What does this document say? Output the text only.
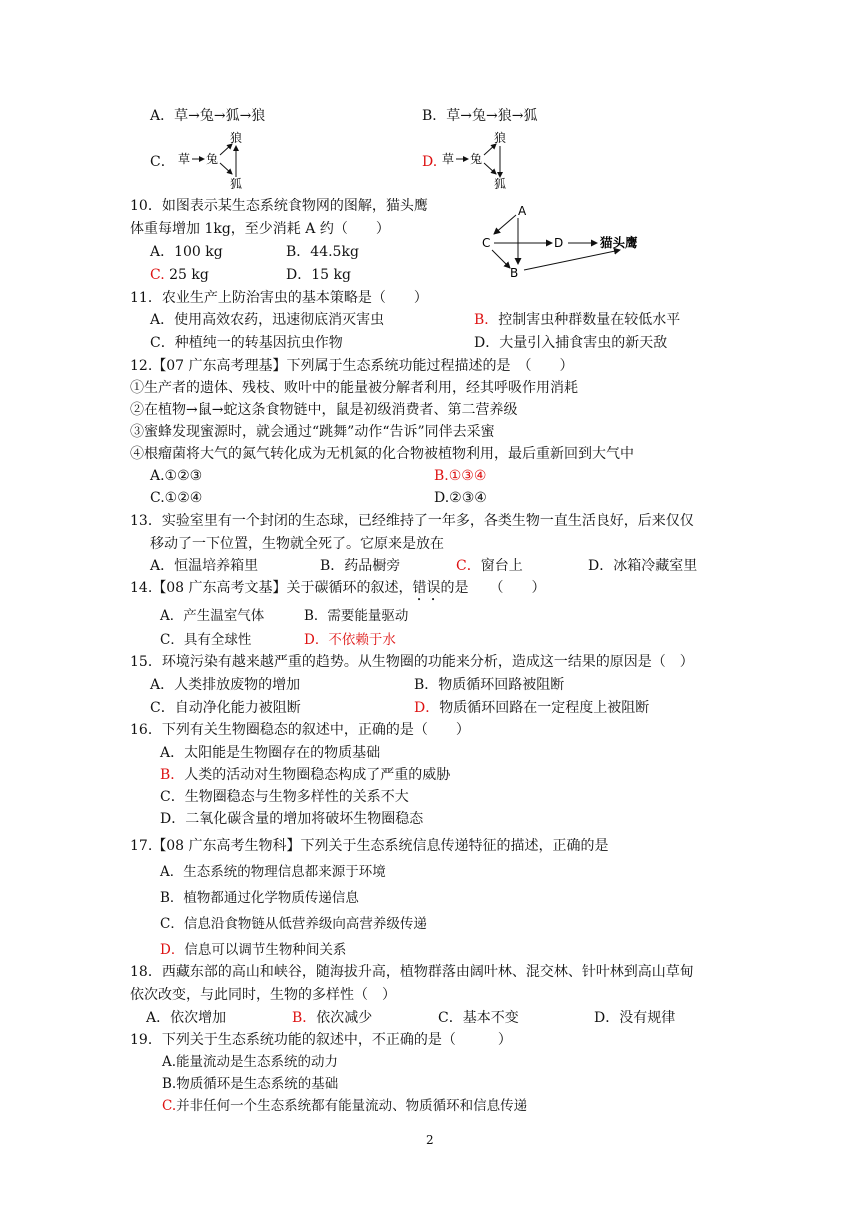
A．草→兔→狐→狼	B．草→兔→狼→狐
C． 草 兔
狼
狐
D. 草 兔
狼
狐
10．如图表示某生态系统食物网的图解，猫头鹰
体重每增加 1kg，至少消耗 A 约（　　）
A．100 kg	B．44.5kg
C. 25 kg	D．15 kg
A
C	D
B
猫头鹰
11．农业生产上防治害虫的基本策略是（　　）
A．使用高效农药，迅速彻底消灭害虫	B．控制害虫种群数量在较低水平
C．种植纯一的转基因抗虫作物	D．大量引入捕食害虫的新天敌
12.【07 广东高考理基】下列属于生态系统功能过程描述的是　（　　）
①生产者的遗体、残枝、败叶中的能量被分解者利用，经其呼吸作用消耗
②在植物→鼠→蛇这条食物链中，鼠是初级消费者、第二营养级
③蜜蜂发现蜜源时，就会通过“跳舞”动作“告诉”同伴去采蜜
④根瘤菌将大气的氮气转化成为无机氮的化合物被植物利用，最后重新回到大气中
A.①②③	B.①③④
C.①②④	D.②③④
13．实验室里有一个封闭的生态球，已经维持了一年多，各类生物一直生活良好，后来仅仅
移动了一下位置，生物就全死了。它原来是放在
A．恒温培养箱里	B．药品橱旁	C．窗台上	D．冰箱冷藏室里
14.【08 广东高考文基】关于碳循环的叙述，错误的是　　（　　）
A．产生温室气体	B．需要能量驱动
C．具有全球性	D．不依赖于水
15．环境污染有越来越严重的趋势。从生物圈的功能来分析，造成这一结果的原因是（　）
A．人类排放废物的增加	B．物质循环回路被阻断
C．自动净化能力被阻断	D．物质循环回路在一定程度上被阻断
16．下列有关生物圈稳态的叙述中，正确的是（　　）
A．太阳能是生物圈存在的物质基础
B．人类的活动对生物圈稳态构成了严重的威胁
C．生物圈稳态与生物多样性的关系不大
D．二氧化碳含量的增加将破坏生物圈稳态
17.【08 广东高考生物科】下列关于生态系统信息传递特征的描述，正确的是
A．生态系统的物理信息都来源于环境
B．植物都通过化学物质传递信息
C．信息沿食物链从低营养级向高营养级传递
D．信息可以调节生物种间关系
18．西藏东部的高山和峡谷，随海拔升高，植物群落由阔叶林、混交林、针叶林到高山草甸
依次改变，与此同时，生物的多样性（　）
A．依次增加	B．依次减少	C．基本不变	D．没有规律
19．下列关于生态系统功能的叙述中，不正确的是（　　　）
A.能量流动是生态系统的动力
B.物质循环是生态系统的基础
C.并非任何一个生态系统都有能量流动、物质循环和信息传递
2
